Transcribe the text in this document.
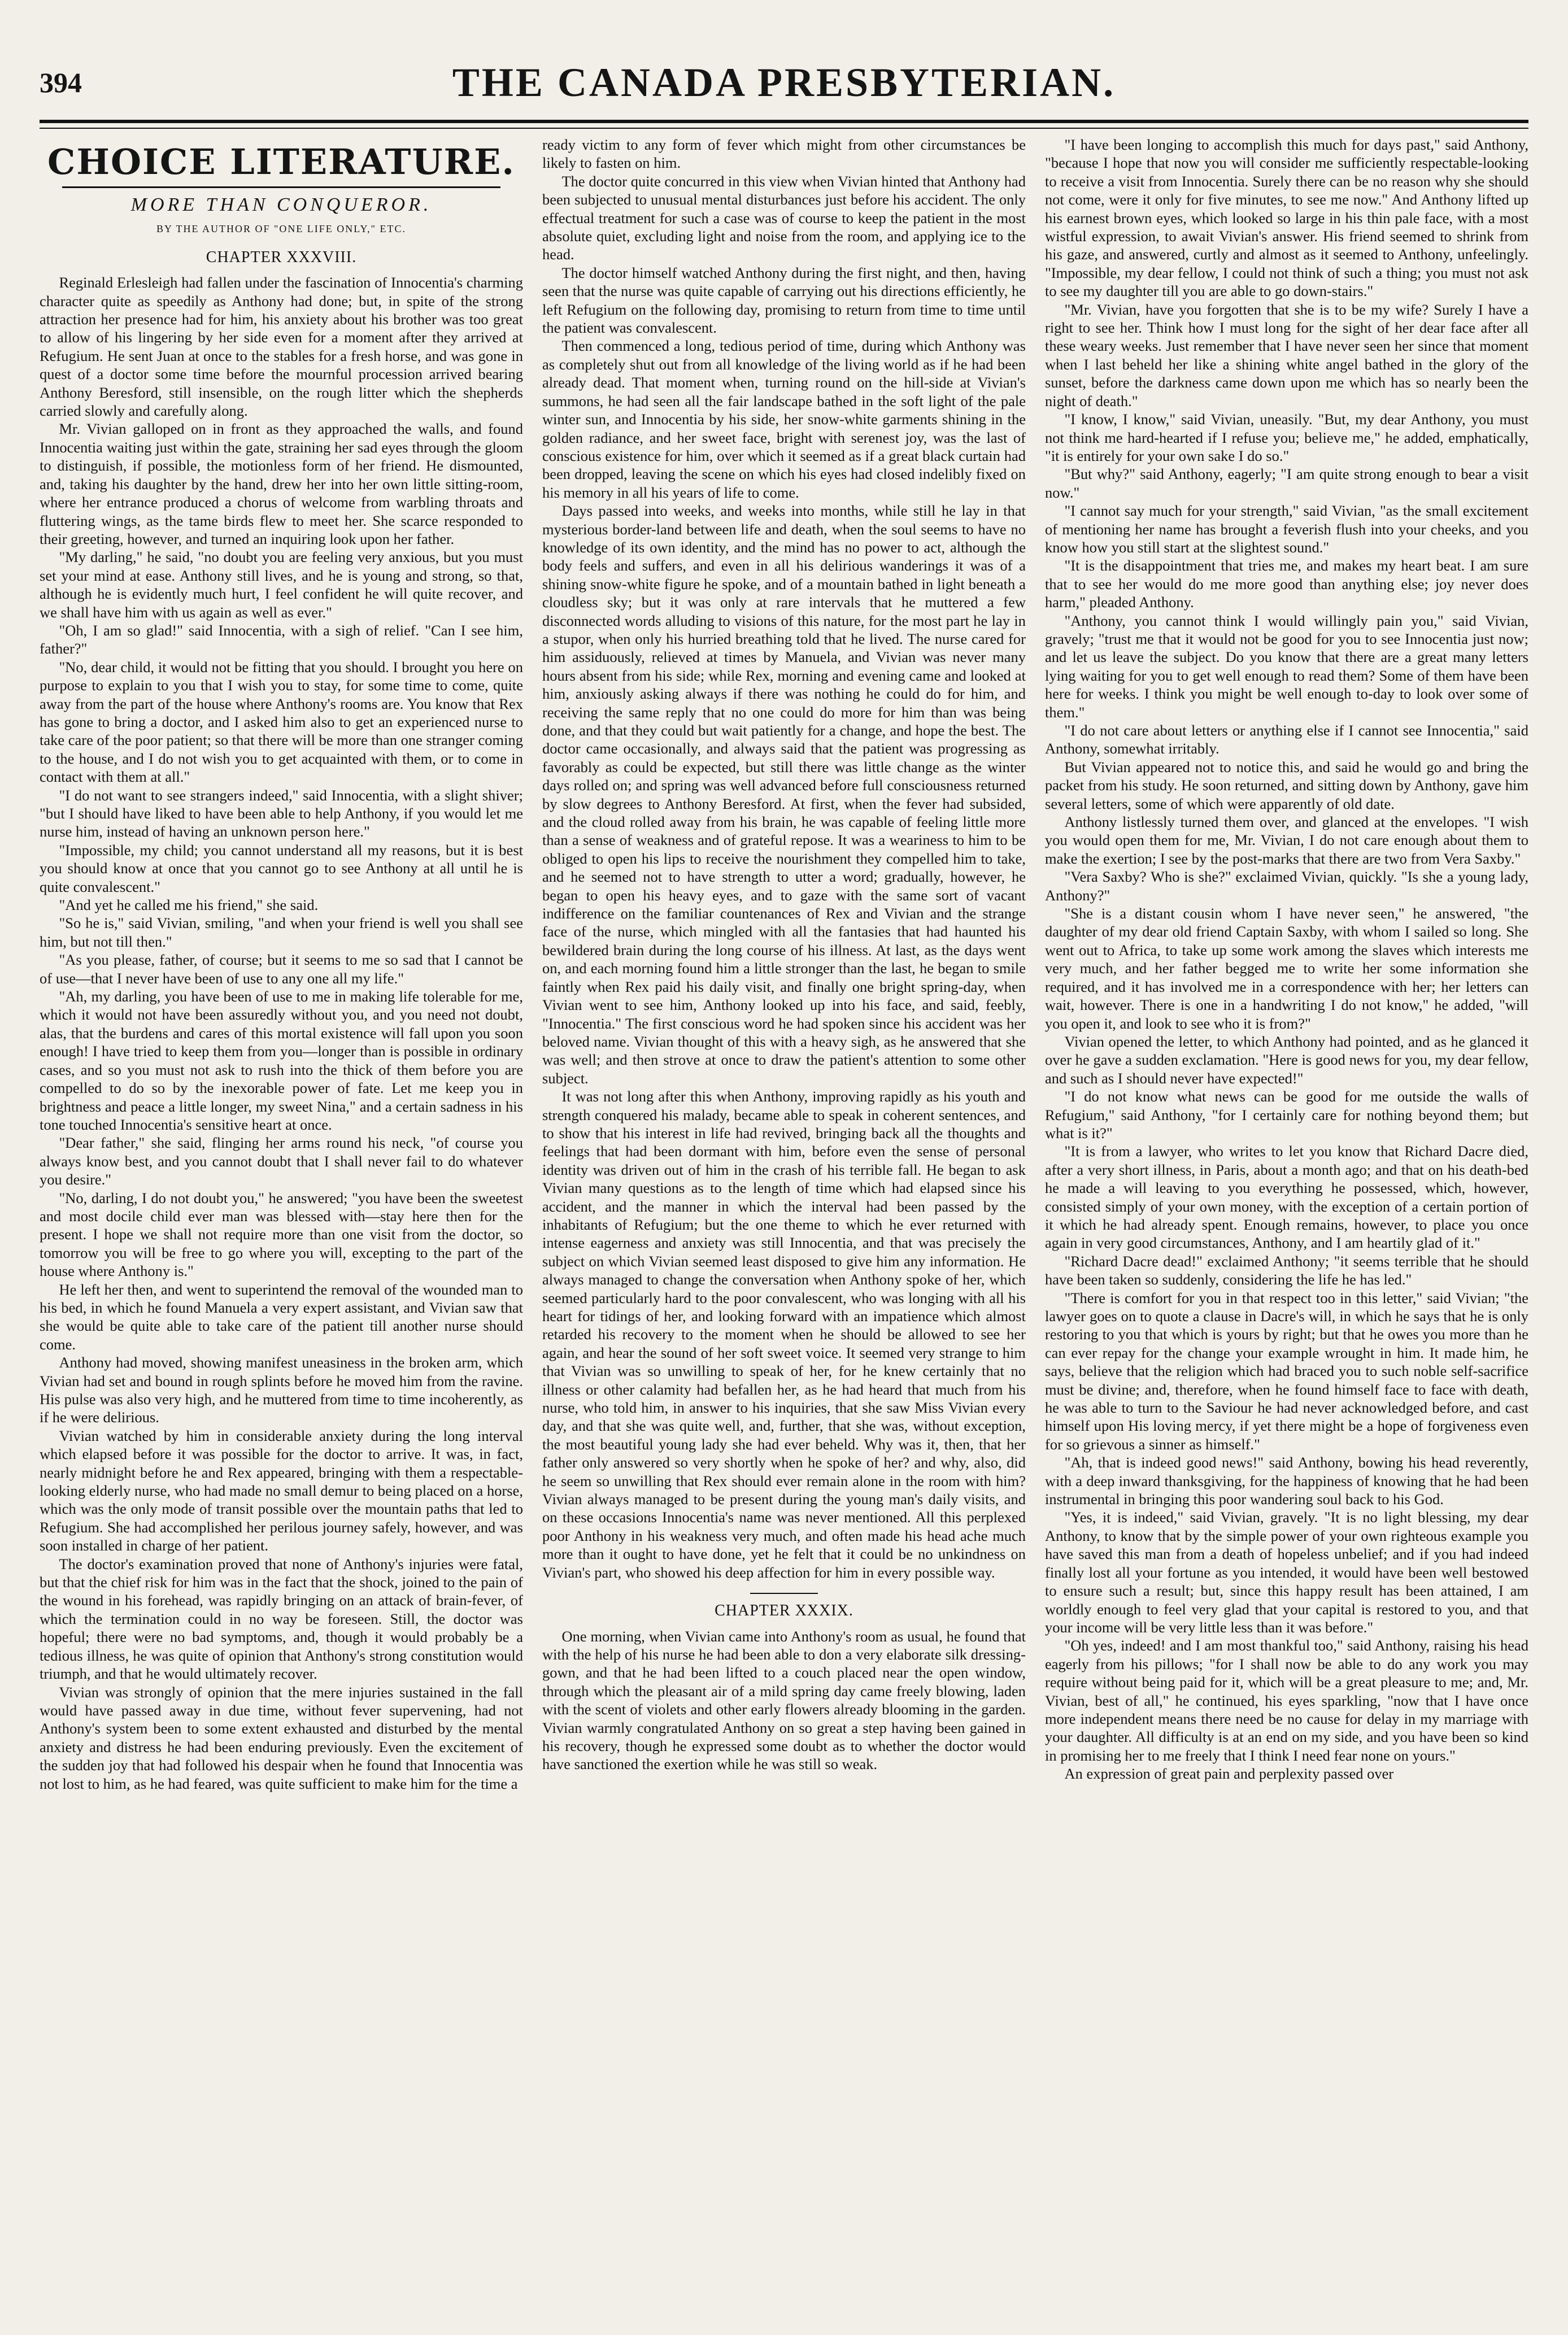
394	THE CANADA PRESBYTERIAN.
CHOICE LITERATURE.
MORE THAN CONQUEROR.
BY THE AUTHOR OF "ONE LIFE ONLY," ETC.
CHAPTER XXXVIII.

Reginald Erlesleigh had fallen under the fascination of Innocentia's charming character quite as speedily as Anthony had done; but, in spite of the strong attraction her presence had for him, his anxiety about his brother was too great to allow of his lingering by her side even for a moment after they arrived at Refugium. He sent Juan at once to the stables for a fresh horse, and was gone in quest of a doctor some time before the mournful procession arrived bearing Anthony Beresford, still insensible, on the rough litter which the shepherds carried slowly and carefully along.

Mr. Vivian galloped on in front as they approached the walls, and found Innocentia waiting just within the gate, straining her sad eyes through the gloom to distinguish, if possible, the motionless form of her friend. He dismounted, and, taking his daughter by the hand, drew her into her own little sitting-room, where her entrance produced a chorus of welcome from warbling throats and fluttering wings, as the tame birds flew to meet her. She scarce responded to their greeting, however, and turned an inquiring look upon her father.

"My darling," he said, "no doubt you are feeling very anxious, but you must set your mind at ease. Anthony still lives, and he is young and strong, so that, although he is evidently much hurt, I feel confident he will quite recover, and we shall have him with us again as well as ever."

"Oh, I am so glad!" said Innocentia, with a sigh of relief. "Can I see him, father?"

"No, dear child, it would not be fitting that you should. I brought you here on purpose to explain to you that I wish you to stay, for some time to come, quite away from the part of the house where Anthony's rooms are. You know that Rex has gone to bring a doctor, and I asked him also to get an experienced nurse to take care of the poor patient; so that there will be more than one stranger coming to the house, and I do not wish you to get acquainted with them, or to come in contact with them at all."

"I do not want to see strangers indeed," said Innocentia, with a slight shiver; "but I should have liked to have been able to help Anthony, if you would let me nurse him, instead of having an unknown person here."

"Impossible, my child; you cannot understand all my reasons, but it is best you should know at once that you cannot go to see Anthony at all until he is quite convalescent."

"And yet he called me his friend," she said.

"So he is," said Vivian, smiling, "and when your friend is well you shall see him, but not till then."

"As you please, father, of course; but it seems to me so sad that I cannot be of use—that I never have been of use to any one all my life."

"Ah, my darling, you have been of use to me in making life tolerable for me, which it would not have been assuredly without you, and you need not doubt, alas, that the burdens and cares of this mortal existence will fall upon you soon enough! I have tried to keep them from you—longer than is possible in ordinary cases, and so you must not ask to rush into the thick of them before you are compelled to do so by the inexorable power of fate. Let me keep you in brightness and peace a little longer, my sweet Nina," and a certain sadness in his tone touched Innocentia's sensitive heart at once.

"Dear father," she said, flinging her arms round his neck, "of course you always know best, and you cannot doubt that I shall never fail to do whatever you desire."

"No, darling, I do not doubt you," he answered; "you have been the sweetest and most docile child ever man was blessed with—stay here then for the present. I hope we shall not require more than one visit from the doctor, so tomorrow you will be free to go where you will, excepting to the part of the house where Anthony is."

He left her then, and went to superintend the removal of the wounded man to his bed, in which he found Manuela a very expert assistant, and Vivian saw that she would be quite able to take care of the patient till another nurse should come.

Anthony had moved, showing manifest uneasiness in the broken arm, which Vivian had set and bound in rough splints before he moved him from the ravine. His pulse was also very high, and he muttered from time to time incoherently, as if he were delirious.

Vivian watched by him in considerable anxiety during the long interval which elapsed before it was possible for the doctor to arrive. It was, in fact, nearly midnight before he and Rex appeared, bringing with them a respectable-looking elderly nurse, who had made no small demur to being placed on a horse, which was the only mode of transit possible over the mountain paths that led to Refugium. She had accomplished her perilous journey safely, however, and was soon installed in charge of her patient.

The doctor's examination proved that none of Anthony's injuries were fatal, but that the chief risk for him was in the fact that the shock, joined to the pain of the wound in his forehead, was rapidly bringing on an attack of brain-fever, of which the termination could in no way be foreseen. Still, the doctor was hopeful; there were no bad symptoms, and, though it would probably be a tedious illness, he was quite of opinion that Anthony's strong constitution would triumph, and that he would ultimately recover.

Vivian was strongly of opinion that the mere injuries sustained in the fall would have passed away in due time, without fever supervening, had not Anthony's system been to some extent exhausted and disturbed by the mental anxiety and distress he had been enduring previously. Even the excitement of the sudden joy that had followed his despair when he found that Innocentia was not lost to him, as he had feared, was quite sufficient to make him for the time a

ready victim to any form of fever which might from other circumstances be likely to fasten on him.

The doctor quite concurred in this view when Vivian hinted that Anthony had been subjected to unusual mental disturbances just before his accident. The only effectual treatment for such a case was of course to keep the patient in the most absolute quiet, excluding light and noise from the room, and applying ice to the head.

The doctor himself watched Anthony during the first night, and then, having seen that the nurse was quite capable of carrying out his directions efficiently, he left Refugium on the following day, promising to return from time to time until the patient was convalescent.

Then commenced a long, tedious period of time, during which Anthony was as completely shut out from all knowledge of the living world as if he had been already dead. That moment when, turning round on the hill-side at Vivian's summons, he had seen all the fair landscape bathed in the soft light of the pale winter sun, and Innocentia by his side, her snow-white garments shining in the golden radiance, and her sweet face, bright with serenest joy, was the last of conscious existence for him, over which it seemed as if a great black curtain had been dropped, leaving the scene on which his eyes had closed indelibly fixed on his memory in all his years of life to come.

Days passed into weeks, and weeks into months, while still he lay in that mysterious border-land between life and death, when the soul seems to have no knowledge of its own identity, and the mind has no power to act, although the body feels and suffers, and even in all his delirious wanderings it was of a shining snow-white figure he spoke, and of a mountain bathed in light beneath a cloudless sky; but it was only at rare intervals that he muttered a few disconnected words alluding to visions of this nature, for the most part he lay in a stupor, when only his hurried breathing told that he lived. The nurse cared for him assiduously, relieved at times by Manuela, and Vivian was never many hours absent from his side; while Rex, morning and evening came and looked at him, anxiously asking always if there was nothing he could do for him, and receiving the same reply that no one could do more for him than was being done, and that they could but wait patiently for a change, and hope the best. The doctor came occasionally, and always said that the patient was progressing as favorably as could be expected, but still there was little change as the winter days rolled on; and spring was well advanced before full consciousness returned by slow degrees to Anthony Beresford. At first, when the fever had subsided, and the cloud rolled away from his brain, he was capable of feeling little more than a sense of weakness and of grateful repose. It was a weariness to him to be obliged to open his lips to receive the nourishment they compelled him to take, and he seemed not to have strength to utter a word; gradually, however, he began to open his heavy eyes, and to gaze with the same sort of vacant indifference on the familiar countenances of Rex and Vivian and the strange face of the nurse, which mingled with all the fantasies that had haunted his bewildered brain during the long course of his illness. At last, as the days went on, and each morning found him a little stronger than the last, he began to smile faintly when Rex paid his daily visit, and finally one bright spring-day, when Vivian went to see him, Anthony looked up into his face, and said, feebly, "Innocentia." The first conscious word he had spoken since his accident was her beloved name. Vivian thought of this with a heavy sigh, as he answered that she was well; and then strove at once to draw the patient's attention to some other subject.

It was not long after this when Anthony, improving rapidly as his youth and strength conquered his malady, became able to speak in coherent sentences, and to show that his interest in life had revived, bringing back all the thoughts and feelings that had been dormant with him, before even the sense of personal identity was driven out of him in the crash of his terrible fall. He began to ask Vivian many questions as to the length of time which had elapsed since his accident, and the manner in which the interval had been passed by the inhabitants of Refugium; but the one theme to which he ever returned with intense eagerness and anxiety was still Innocentia, and that was precisely the subject on which Vivian seemed least disposed to give him any information. He always managed to change the conversation when Anthony spoke of her, which seemed particularly hard to the poor convalescent, who was longing with all his heart for tidings of her, and looking forward with an impatience which almost retarded his recovery to the moment when he should be allowed to see her again, and hear the sound of her soft sweet voice. It seemed very strange to him that Vivian was so unwilling to speak of her, for he knew certainly that no illness or other calamity had befallen her, as he had heard that much from his nurse, who told him, in answer to his inquiries, that she saw Miss Vivian every day, and that she was quite well, and, further, that she was, without exception, the most beautiful young lady she had ever beheld. Why was it, then, that her father only answered so very shortly when he spoke of her? and why, also, did he seem so unwilling that Rex should ever remain alone in the room with him? Vivian always managed to be present during the young man's daily visits, and on these occasions Innocentia's name was never mentioned. All this perplexed poor Anthony in his weakness very much, and often made his head ache much more than it ought to have done, yet he felt that it could be no unkindness on Vivian's part, who showed his deep affection for him in every possible way.

CHAPTER XXXIX.

One morning, when Vivian came into Anthony's room as usual, he found that with the help of his nurse he had been able to don a very elaborate silk dressing-gown, and that he had been lifted to a couch placed near the open window, through which the pleasant air of a mild spring day came freely blowing, laden with the scent of violets and other early flowers already blooming in the garden. Vivian warmly congratulated Anthony on so great a step having been gained in his recovery, though he expressed some doubt as to whether the doctor would have sanctioned the exertion while he was still so weak.

"I have been longing to accomplish this much for days past," said Anthony, "because I hope that now you will consider me sufficiently respectable-looking to receive a visit from Innocentia. Surely there can be no reason why she should not come, were it only for five minutes, to see me now." And Anthony lifted up his earnest brown eyes, which looked so large in his thin pale face, with a most wistful expression, to await Vivian's answer. His friend seemed to shrink from his gaze, and answered, curtly and almost as it seemed to Anthony, unfeelingly. "Impossible, my dear fellow, I could not think of such a thing; you must not ask to see my daughter till you are able to go down-stairs."

"Mr. Vivian, have you forgotten that she is to be my wife? Surely I have a right to see her. Think how I must long for the sight of her dear face after all these weary weeks. Just remember that I have never seen her since that moment when I last beheld her like a shining white angel bathed in the glory of the sunset, before the darkness came down upon me which has so nearly been the night of death."

"I know, I know," said Vivian, uneasily. "But, my dear Anthony, you must not think me hard-hearted if I refuse you; believe me," he added, emphatically, "it is entirely for your own sake I do so."

"But why?" said Anthony, eagerly; "I am quite strong enough to bear a visit now."

"I cannot say much for your strength," said Vivian, "as the small excitement of mentioning her name has brought a feverish flush into your cheeks, and you know how you still start at the slightest sound."

"It is the disappointment that tries me, and makes my heart beat. I am sure that to see her would do me more good than anything else; joy never does harm," pleaded Anthony.

"Anthony, you cannot think I would willingly pain you," said Vivian, gravely; "trust me that it would not be good for you to see Innocentia just now; and let us leave the subject. Do you know that there are a great many letters lying waiting for you to get well enough to read them? Some of them have been here for weeks. I think you might be well enough to-day to look over some of them."

"I do not care about letters or anything else if I cannot see Innocentia," said Anthony, somewhat irritably.

But Vivian appeared not to notice this, and said he would go and bring the packet from his study. He soon returned, and sitting down by Anthony, gave him several letters, some of which were apparently of old date.

Anthony listlessly turned them over, and glanced at the envelopes. "I wish you would open them for me, Mr. Vivian, I do not care enough about them to make the exertion; I see by the post-marks that there are two from Vera Saxby."

"Vera Saxby? Who is she?" exclaimed Vivian, quickly. "Is she a young lady, Anthony?"

"She is a distant cousin whom I have never seen," he answered, "the daughter of my dear old friend Captain Saxby, with whom I sailed so long. She went out to Africa, to take up some work among the slaves which interests me very much, and her father begged me to write her some information she required, and it has involved me in a correspondence with her; her letters can wait, however. There is one in a handwriting I do not know," he added, "will you open it, and look to see who it is from?"

Vivian opened the letter, to which Anthony had pointed, and as he glanced it over he gave a sudden exclamation. "Here is good news for you, my dear fellow, and such as I should never have expected!"

"I do not know what news can be good for me outside the walls of Refugium," said Anthony, "for I certainly care for nothing beyond them; but what is it?"

"It is from a lawyer, who writes to let you know that Richard Dacre died, after a very short illness, in Paris, about a month ago; and that on his death-bed he made a will leaving to you everything he possessed, which, however, consisted simply of your own money, with the exception of a certain portion of it which he had already spent. Enough remains, however, to place you once again in very good circumstances, Anthony, and I am heartily glad of it."

"Richard Dacre dead!" exclaimed Anthony; "it seems terrible that he should have been taken so suddenly, considering the life he has led."

"There is comfort for you in that respect too in this letter," said Vivian; "the lawyer goes on to quote a clause in Dacre's will, in which he says that he is only restoring to you that which is yours by right; but that he owes you more than he can ever repay for the change your example wrought in him. It made him, he says, believe that the religion which had braced you to such noble self-sacrifice must be divine; and, therefore, when he found himself face to face with death, he was able to turn to the Saviour he had never acknowledged before, and cast himself upon His loving mercy, if yet there might be a hope of forgiveness even for so grievous a sinner as himself."

"Ah, that is indeed good news!" said Anthony, bowing his head reverently, with a deep inward thanksgiving, for the happiness of knowing that he had been instrumental in bringing this poor wandering soul back to his God.

"Yes, it is indeed," said Vivian, gravely. "It is no light blessing, my dear Anthony, to know that by the simple power of your own righteous example you have saved this man from a death of hopeless unbelief; and if you had indeed finally lost all your fortune as you intended, it would have been well bestowed to ensure such a result; but, since this happy result has been attained, I am worldly enough to feel very glad that your capital is restored to you, and that your income will be very little less than it was before."

"Oh yes, indeed! and I am most thankful too," said Anthony, raising his head eagerly from his pillows; "for I shall now be able to do any work you may require without being paid for it, which will be a great pleasure to me; and, Mr. Vivian, best of all," he continued, his eyes sparkling, "now that I have once more independent means there need be no cause for delay in my marriage with your daughter. All difficulty is at an end on my side, and you have been so kind in promising her to me freely that I think I need fear none on yours."

An expression of great pain and perplexity passed over
